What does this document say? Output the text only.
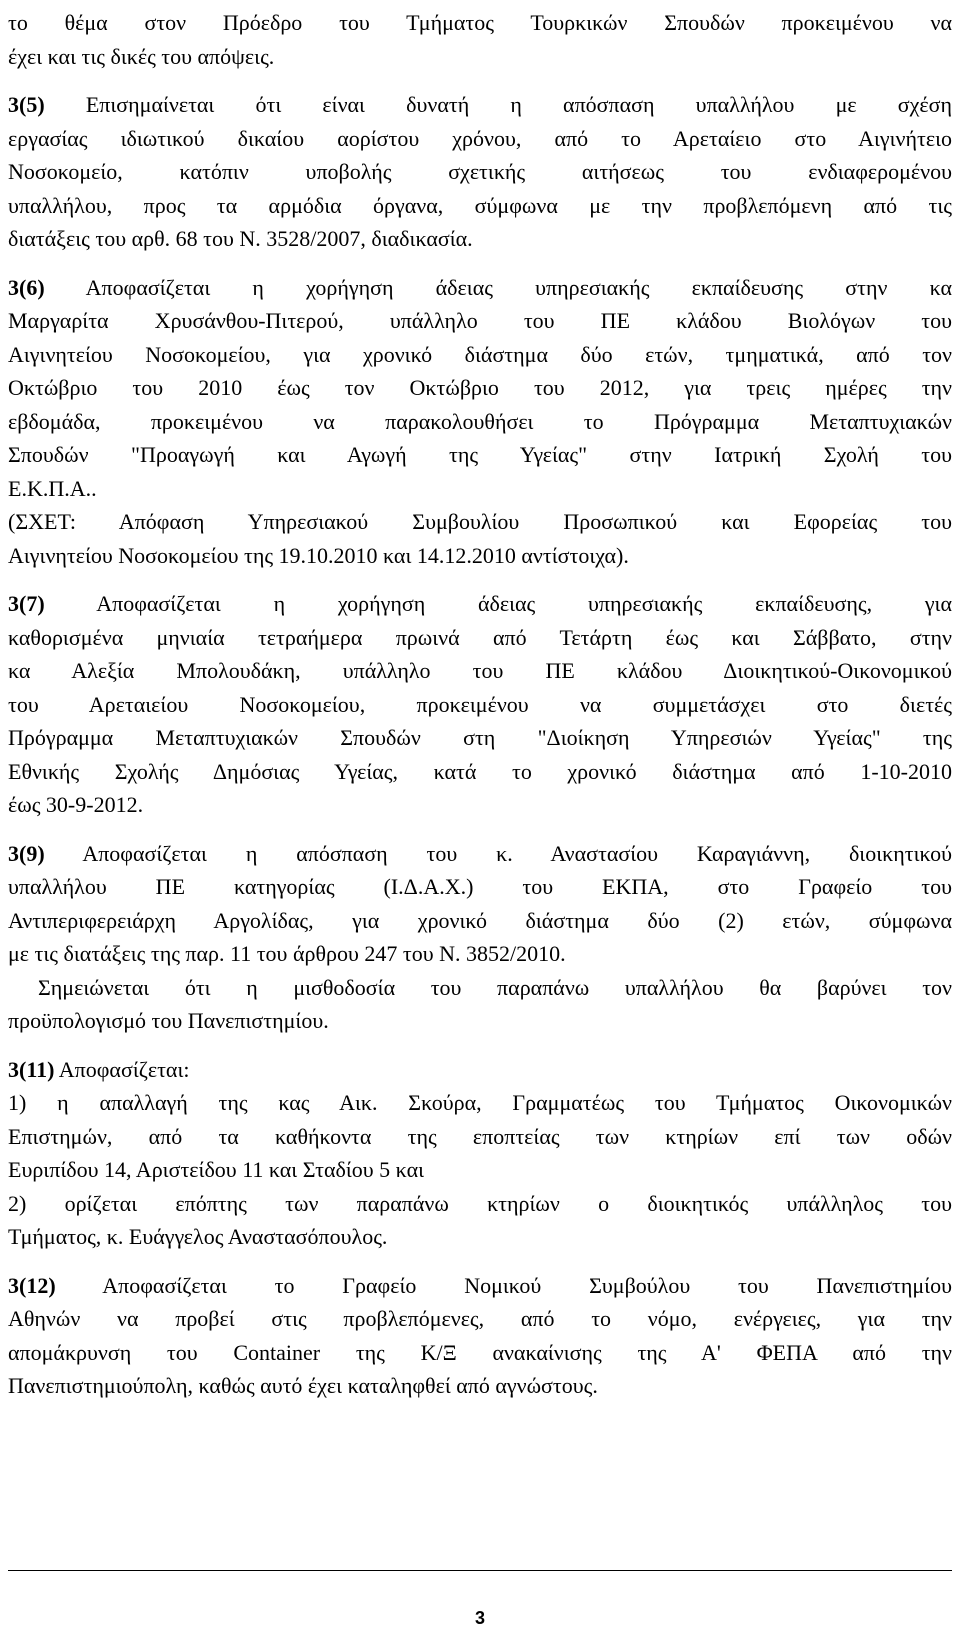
το θέμα στον Πρόεδρο του Τμήματος Τουρκικών Σπουδών προκειμένου να
έχει και τις δικές του απόψεις.

3(5) Επισημαίνεται ότι είναι δυνατή η απόσπαση υπαλλήλου με σχέση
εργασίας ιδιωτικού δικαίου αορίστου χρόνου, από το Αρεταίειο στο Αιγινήτειο
Νοσοκομείο, κατόπιν υποβολής σχετικής αιτήσεως του ενδιαφερομένου
υπαλλήλου, προς τα αρμόδια όργανα, σύμφωνα με την προβλεπόμενη από τις
διατάξεις του αρθ. 68 του Ν. 3528/2007, διαδικασία.

3(6) Αποφασίζεται η χορήγηση άδειας υπηρεσιακής εκπαίδευσης στην κα
Μαργαρίτα Χρυσάνθου-Πιτερού, υπάλληλο του ΠΕ κλάδου Βιολόγων του
Αιγινητείου Νοσοκομείου, για χρονικό διάστημα δύο ετών, τμηματικά, από τον
Οκτώβριο του 2010 έως τον Οκτώβριο του 2012, για τρεις ημέρες την
εβδομάδα, προκειμένου να παρακολουθήσει το Πρόγραμμα Μεταπτυχιακών
Σπουδών "Προαγωγή και Αγωγή της Υγείας" στην Ιατρική Σχολή του
Ε.Κ.Π.Α..
(ΣΧΕΤ: Απόφαση Υπηρεσιακού Συμβουλίου Προσωπικού και Εφορείας του
Αιγινητείου Νοσοκομείου της 19.10.2010 και 14.12.2010 αντίστοιχα).

3(7) Αποφασίζεται η χορήγηση άδειας υπηρεσιακής εκπαίδευσης, για
καθορισμένα μηνιαία τετραήμερα πρωινά από Τετάρτη έως και Σάββατο, στην
κα Αλεξία Μπολουδάκη, υπάλληλο του ΠΕ κλάδου Διοικητικού-Οικονομικού
του Αρεταιείου Νοσοκομείου, προκειμένου να συμμετάσχει στο διετές
Πρόγραμμα Μεταπτυχιακών Σπουδών στη "Διοίκηση Υπηρεσιών Υγείας" της
Εθνικής Σχολής Δημόσιας Υγείας, κατά το χρονικό διάστημα από 1-10-2010
έως 30-9-2012.

3(9) Αποφασίζεται η απόσπαση του κ. Αναστασίου Καραγιάννη, διοικητικού
υπαλλήλου ΠΕ κατηγορίας (Ι.Δ.Α.Χ.) του ΕΚΠΑ, στο Γραφείο του
Αντιπεριφερειάρχη Αργολίδας, για χρονικό διάστημα δύο (2) ετών, σύμφωνα
με τις διατάξεις της παρ. 11 του άρθρου 247 του Ν. 3852/2010.
Σημειώνεται ότι η μισθοδοσία του παραπάνω υπαλλήλου θα βαρύνει τον
προϋπολογισμό του Πανεπιστημίου.

3(11) Αποφασίζεται:
1) η απαλλαγή της κας Αικ. Σκούρα, Γραμματέως του Τμήματος Οικονομικών
Επιστημών, από τα καθήκοντα της εποπτείας των κτηρίων επί των οδών
Ευριπίδου 14, Αριστείδου 11 και Σταδίου 5 και
2) ορίζεται επόπτης των παραπάνω κτηρίων ο διοικητικός υπάλληλος του
Τμήματος, κ. Ευάγγελος Αναστασόπουλος.

3(12) Αποφασίζεται το Γραφείο Νομικού Συμβούλου του Πανεπιστημίου
Αθηνών να προβεί στις προβλεπόμενες, από το νόμο, ενέργειες, για την
απομάκρυνση του Container της Κ/Ξ ανακαίνισης της Α' ΦΕΠΑ από την
Πανεπιστημιούπολη, καθώς αυτό έχει καταληφθεί από αγνώστους.

3
